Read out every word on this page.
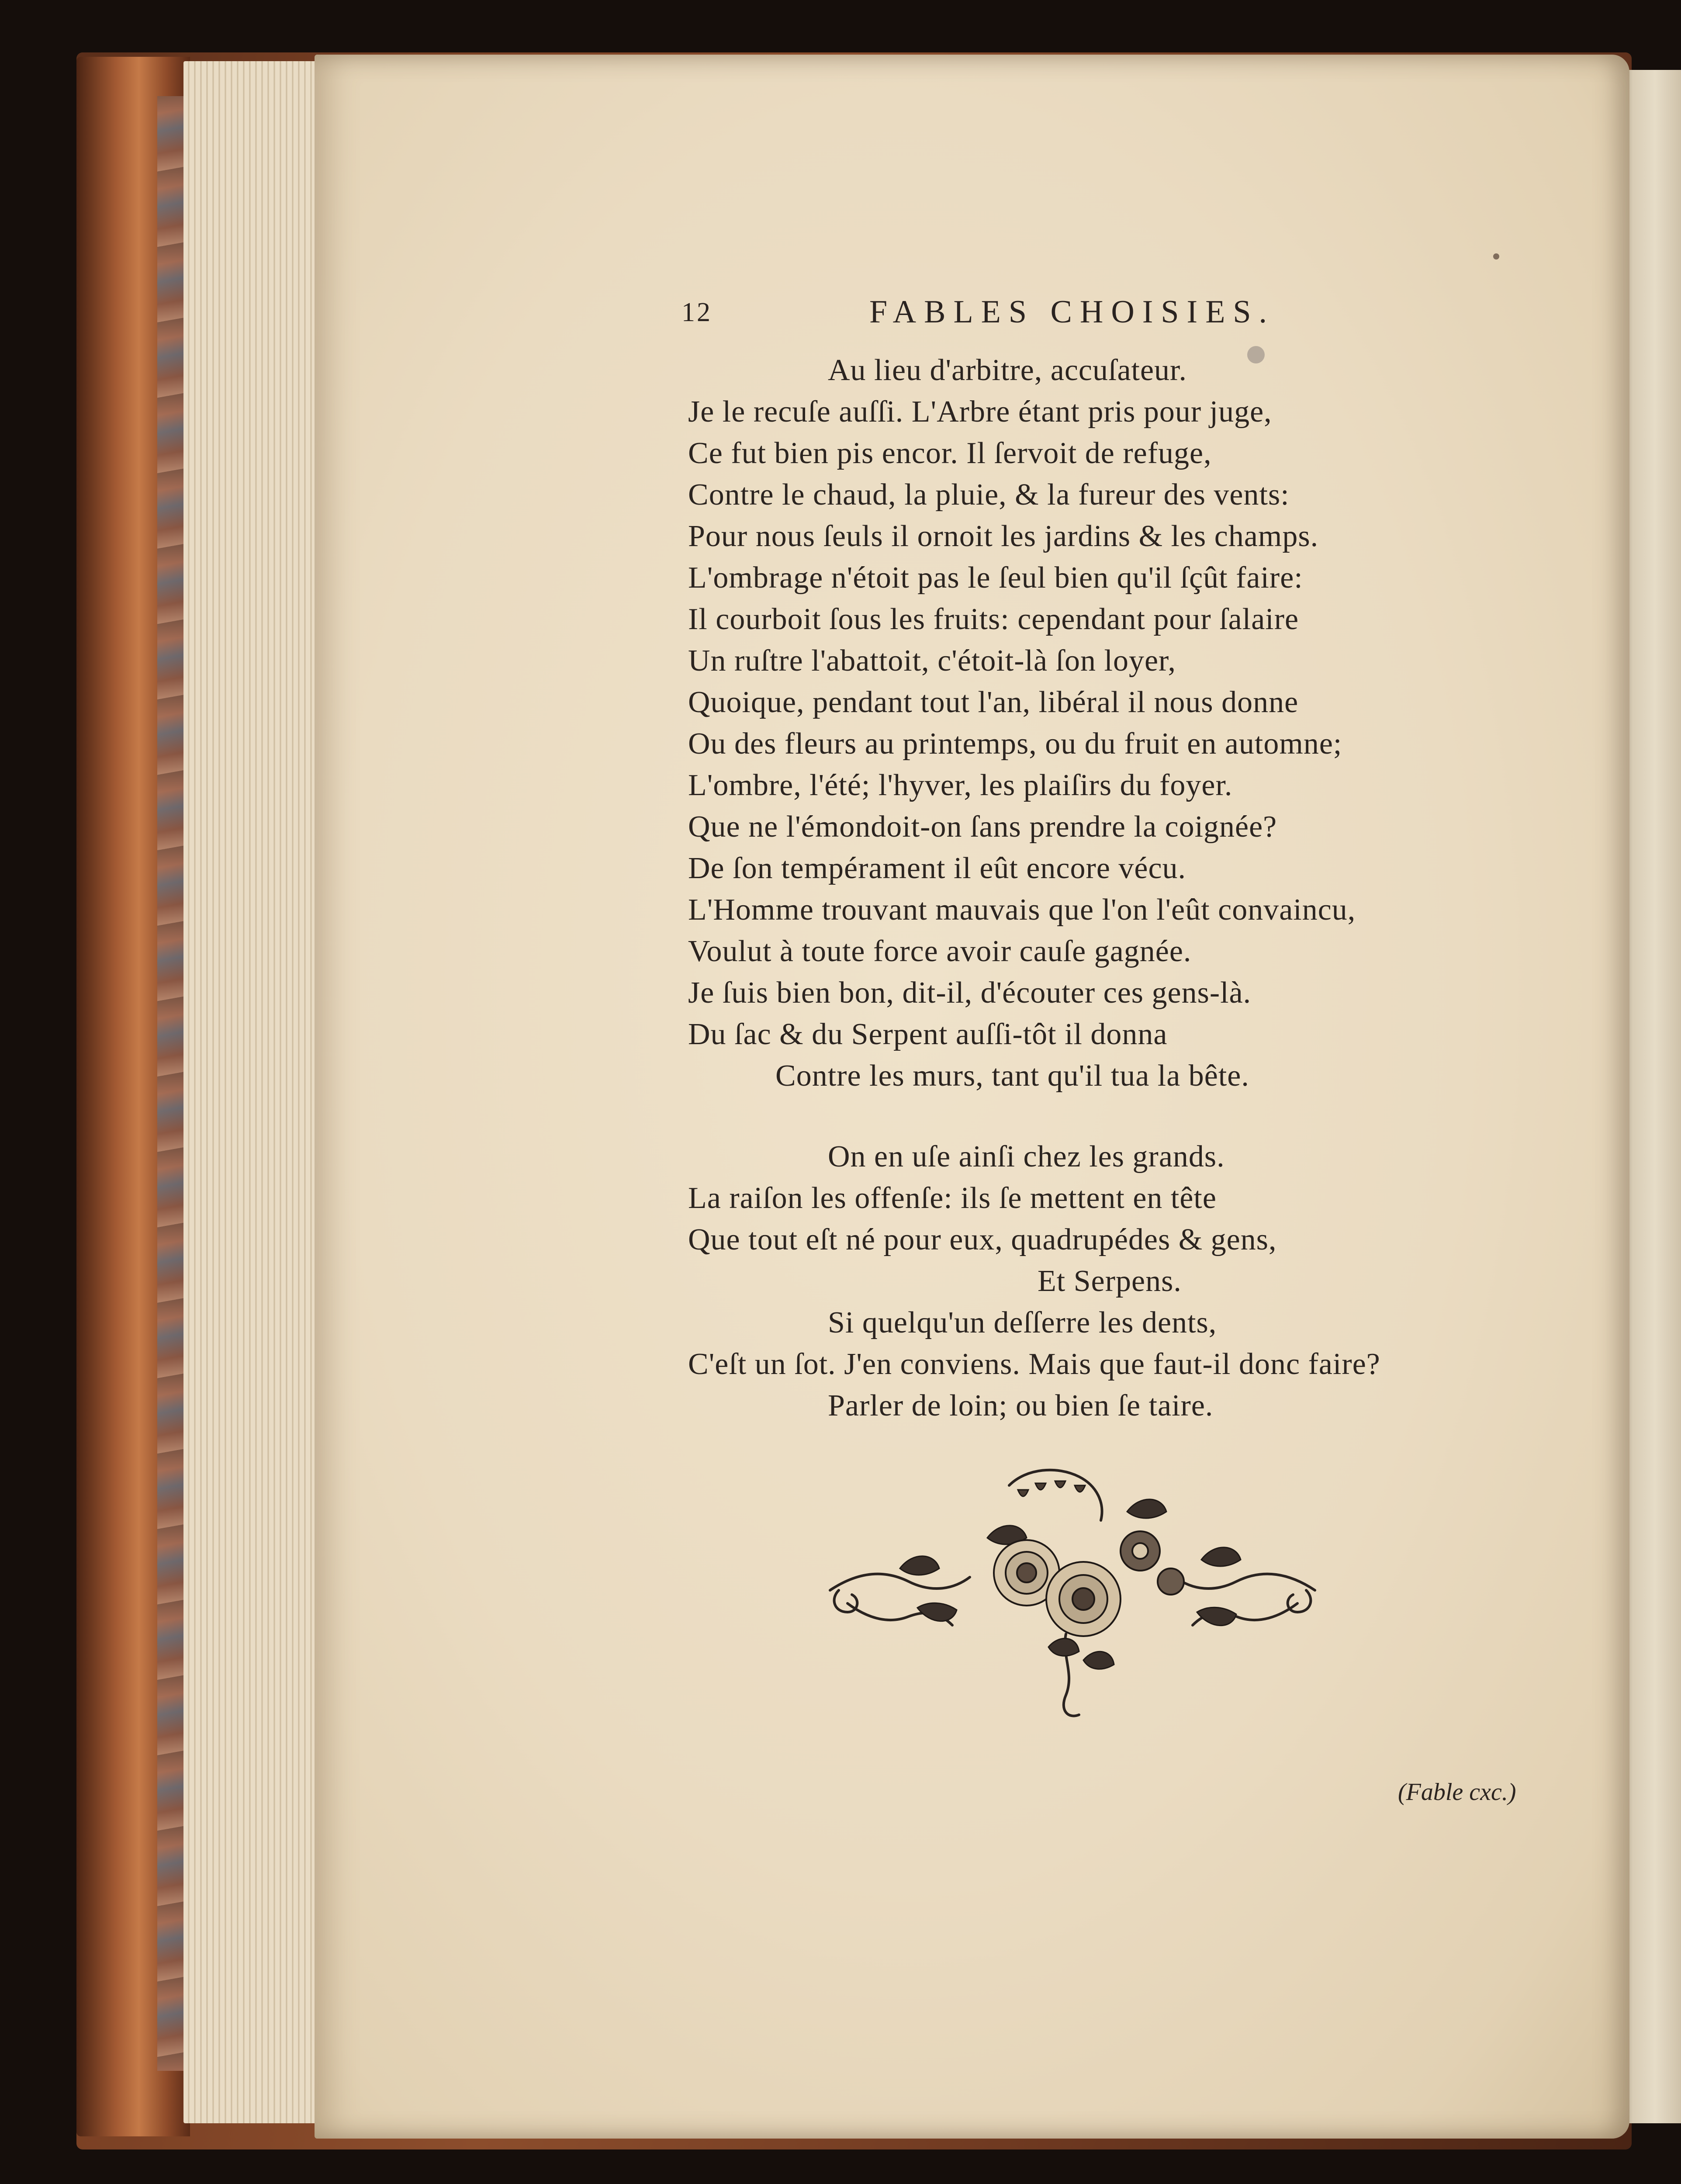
12	FABLES CHOISIES.
Au lieu d'arbitre, accuſateur.
Je le recuſe auſſi. L'Arbre étant pris pour juge,
Ce fut bien pis encor. Il ſervoit de refuge,
Contre le chaud, la pluie, & la fureur des vents:
Pour nous ſeuls il ornoit les jardins & les champs.
L'ombrage n'étoit pas le ſeul bien qu'il ſçût faire:
Il courboit ſous les fruits: cependant pour ſalaire
Un ruſtre l'abattoit, c'étoit-là ſon loyer,
Quoique, pendant tout l'an, libéral il nous donne
Ou des fleurs au printemps, ou du fruit en automne;
L'ombre, l'été; l'hyver, les plaiſirs du foyer.
Que ne l'émondoit-on ſans prendre la coignée?
De ſon tempérament il eût encore vécu.
L'Homme trouvant mauvais que l'on l'eût convaincu,
Voulut à toute force avoir cauſe gagnée.
Je ſuis bien bon, dit-il, d'écouter ces gens-là.
Du ſac & du Serpent auſſi-tôt il donna
Contre les murs, tant qu'il tua la bête.
On en uſe ainſi chez les grands.
La raiſon les offenſe: ils ſe mettent en tête
Que tout eſt né pour eux, quadrupédes & gens,
Et Serpens.
Si quelqu'un deſſerre les dents,
C'eſt un ſot. J'en conviens. Mais que faut-il donc faire?
Parler de loin; ou bien ſe taire.
(Fable cxc.)
